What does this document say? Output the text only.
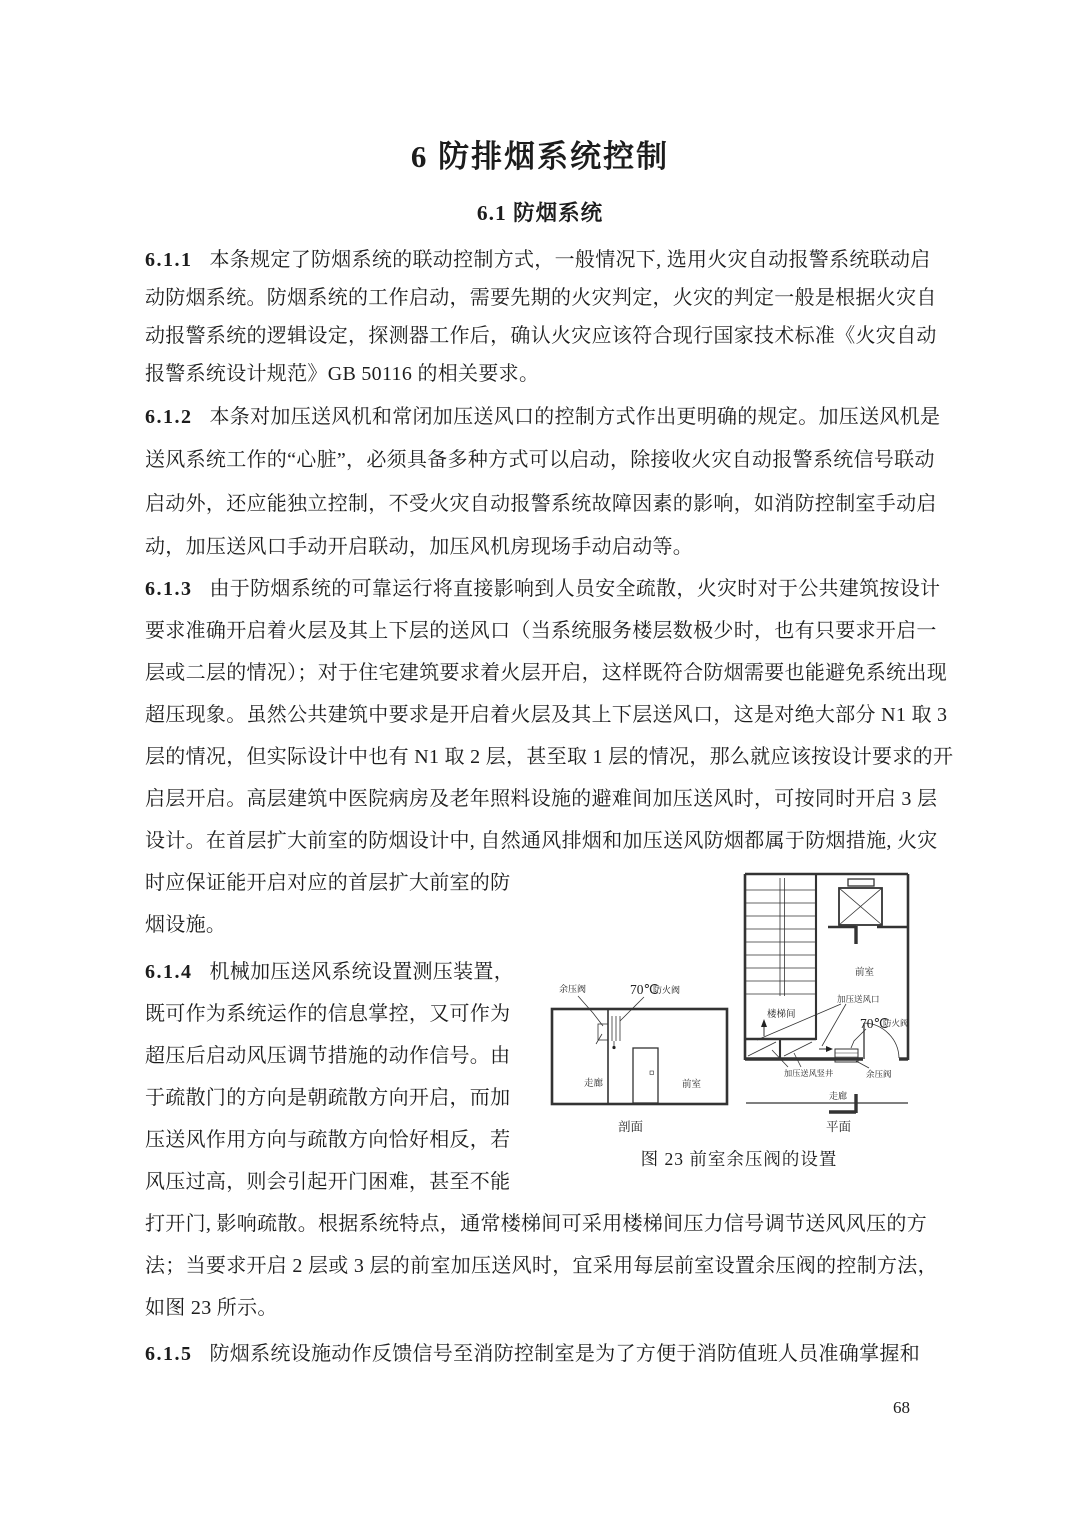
6 防排烟系统控制
6.1 防烟系统
6.1.1 本条规定了防烟系统的联动控制方式，一般情况下, 选用火灾自动报警系统联动启
动防烟系统。防烟系统的工作启动，需要先期的火灾判定，火灾的判定一般是根据火灾自
动报警系统的逻辑设定，探测器工作后，确认火灾应该符合现行国家技术标准《火灾自动
报警系统设计规范》GB 50116 的相关要求。
6.1.2 本条对加压送风机和常闭加压送风口的控制方式作出更明确的规定。加压送风机是
送风系统工作的“心脏”，必须具备多种方式可以启动，除接收火灾自动报警系统信号联动
启动外，还应能独立控制，不受火灾自动报警系统故障因素的影响，如消防控制室手动启
动，加压送风口手动开启联动，加压风机房现场手动启动等。
6.1.3 由于防烟系统的可靠运行将直接影响到人员安全疏散，火灾时对于公共建筑按设计
要求准确开启着火层及其上下层的送风口（当系统服务楼层数极少时，也有只要求开启一
层或二层的情况）；对于住宅建筑要求着火层开启，这样既符合防烟需要也能避免系统出现
超压现象。虽然公共建筑中要求是开启着火层及其上下层送风口，这是对绝大部分 N1 取 3
层的情况，但实际设计中也有 N1 取 2 层，甚至取 1 层的情况，那么就应该按设计要求的开
启层开启。高层建筑中医院病房及老年照料设施的避难间加压送风时，可按同时开启 3 层
设计。在首层扩大前室的防烟设计中, 自然通风排烟和加压送风防烟都属于防烟措施, 火灾
时应保证能开启对应的首层扩大前室的防
烟设施。
6.1.4 机械加压送风系统设置测压装置，
既可作为系统运作的信息掌控，又可作为
超压后启动风压调节措施的动作信号。由
于疏散门的方向是朝疏散方向开启，而加
压送风作用方向与疏散方向恰好相反，若
风压过高，则会引起开门困难，甚至不能
打开门, 影响疏散。根据系统特点，通常楼梯间可采用楼梯间压力信号调节送风风压的方
法；当要求开启 2 层或 3 层的前室加压送风时，宜采用每层前室设置余压阀的控制方法，
如图 23 所示。
6.1.5 防烟系统设施动作反馈信号至消防控制室是为了方便于消防值班人员准确掌握和
余压阀	70℃
防火阀
走廊	前室
剖面
前室
加压送风口
楼梯间
70℃
防火阀
加压送风竖井	余压阀
走廊
平面
图 23 前室余压阀的设置
68
